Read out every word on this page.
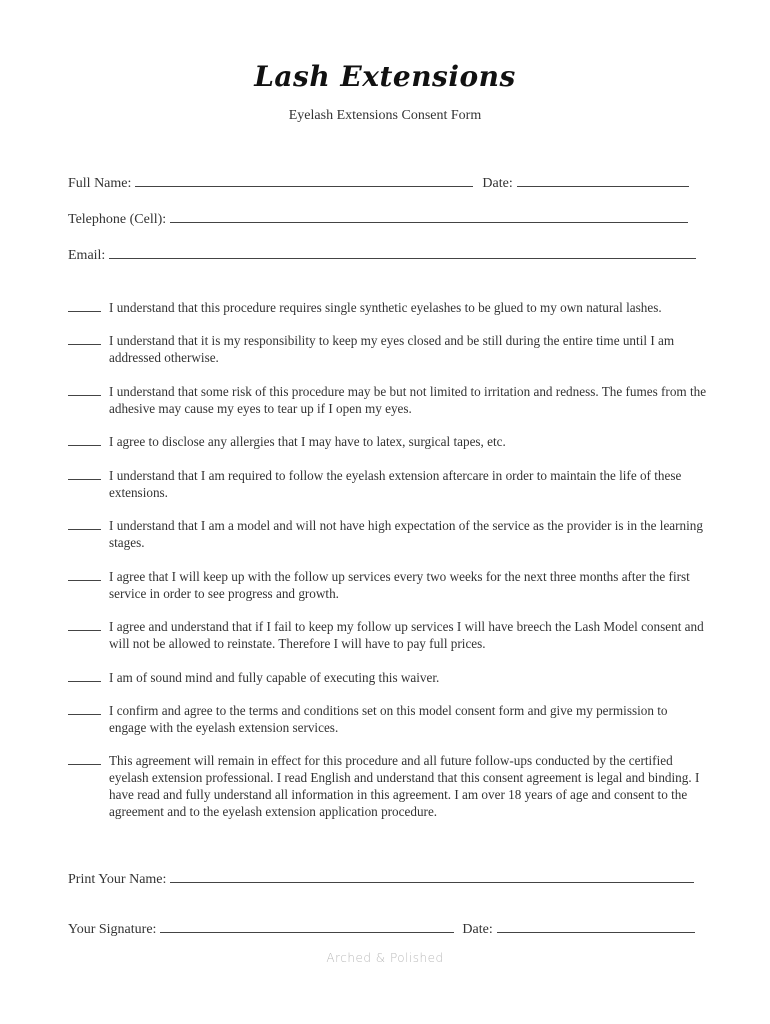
Lash Extensions
Eyelash Extensions Consent Form
Full Name:	Date:
Telephone (Cell):
Email:
I understand that this procedure requires single synthetic eyelashes to be glued to my own natural lashes.
I understand that it is my responsibility to keep my eyes closed and be still during the entire time until I am addressed otherwise.
I understand that some risk of this procedure may be but not limited to irritation and redness. The fumes from the adhesive may cause my eyes to tear up if I open my eyes.
I agree to disclose any allergies that I may have to latex, surgical tapes, etc.
I understand that I am required to follow the eyelash extension aftercare in order to maintain the life of these extensions.
I understand that I am a model and will not have high expectation of the service as the provider is in the learning stages.
I agree that I will keep up with the follow up services every two weeks for the next three months after the first service in order to see progress and growth.
I agree and understand that if I fail to keep my follow up services I will have breech the Lash Model consent and will not be allowed to reinstate. Therefore I will have to pay full prices.
I am of sound mind and fully capable of executing this waiver.
I confirm and agree to the terms and conditions set on this model consent form and give my permission to engage with the eyelash extension services.
This agreement will remain in effect for this procedure and all future follow-ups conducted by the certified eyelash extension professional. I read English and understand that this consent agreement is legal and binding. I have read and fully understand all information in this agreement. I am over 18 years of age and consent to the agreement and to the eyelash extension application procedure.
Print Your Name:
Your Signature:	Date:
Arched & Polished
